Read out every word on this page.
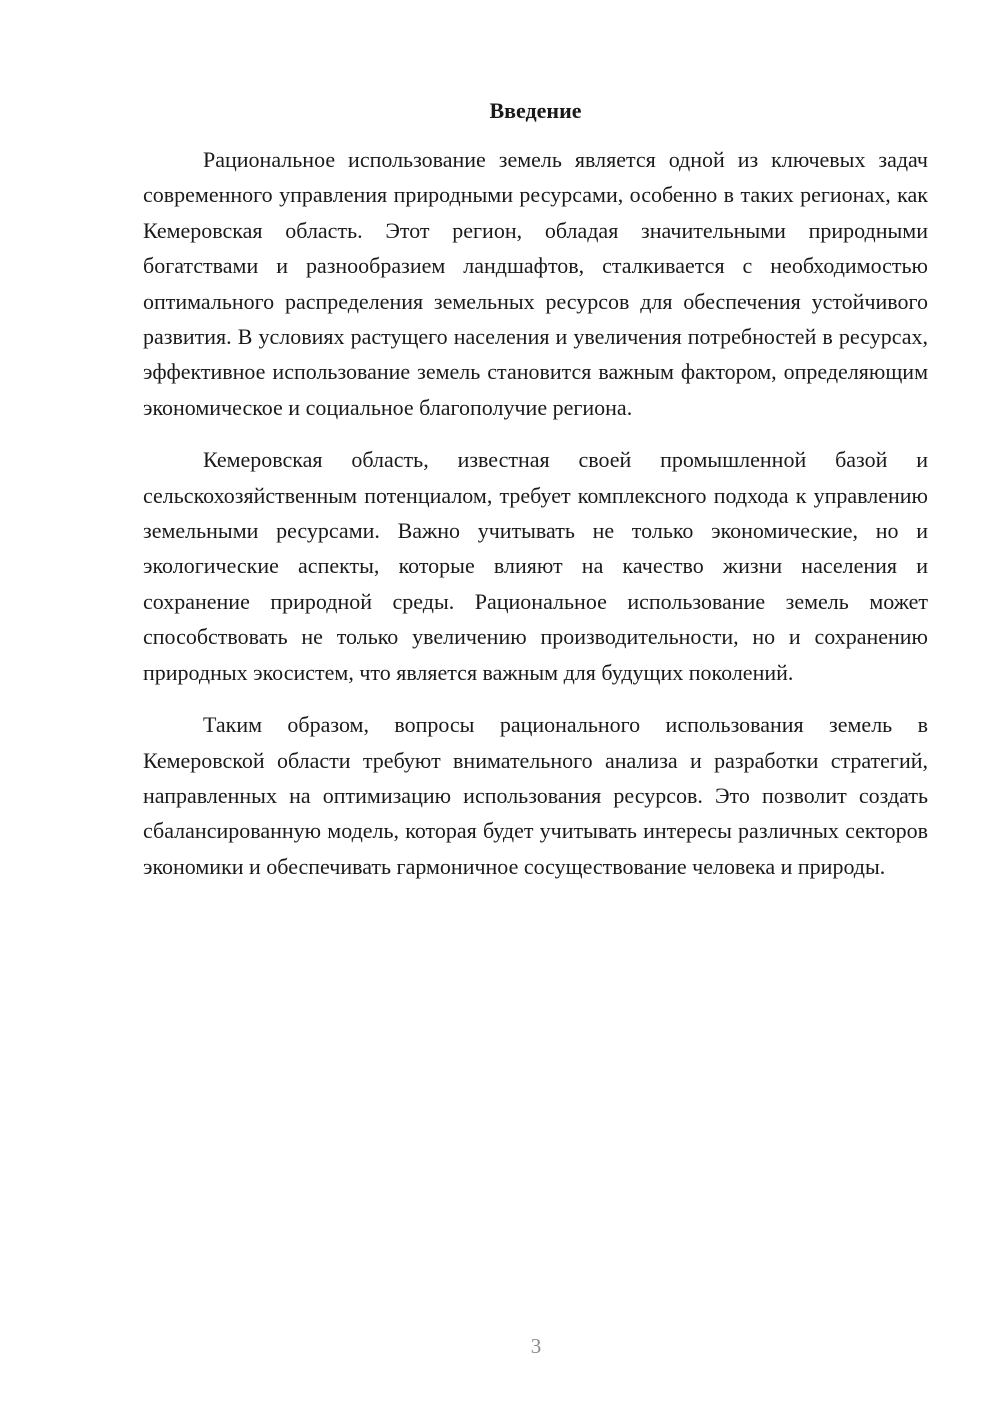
Введение

Рациональное использование земель является одной из ключевых задач современного управления природными ресурсами, особенно в таких регионах, как Кемеровская область. Этот регион, обладая значительными природными богатствами и разнообразием ландшафтов, сталкивается с необходимостью оптимального распределения земельных ресурсов для обеспечения устойчивого развития. В условиях растущего населения и увеличения потребностей в ресурсах, эффективное использование земель становится важным фактором, определяющим экономическое и социальное благополучие региона.

Кемеровская область, известная своей промышленной базой и сельскохозяйственным потенциалом, требует комплексного подхода к управлению земельными ресурсами. Важно учитывать не только экономические, но и экологические аспекты, которые влияют на качество жизни населения и сохранение природной среды. Рациональное использование земель может способствовать не только увеличению производительности, но и сохранению природных экосистем, что является важным для будущих поколений.

Таким образом, вопросы рационального использования земель в Кемеровской области требуют внимательного анализа и разработки стратегий, направленных на оптимизацию использования ресурсов. Это позволит создать сбалансированную модель, которая будет учитывать интересы различных секторов экономики и обеспечивать гармоничное сосуществование человека и природы.

3
